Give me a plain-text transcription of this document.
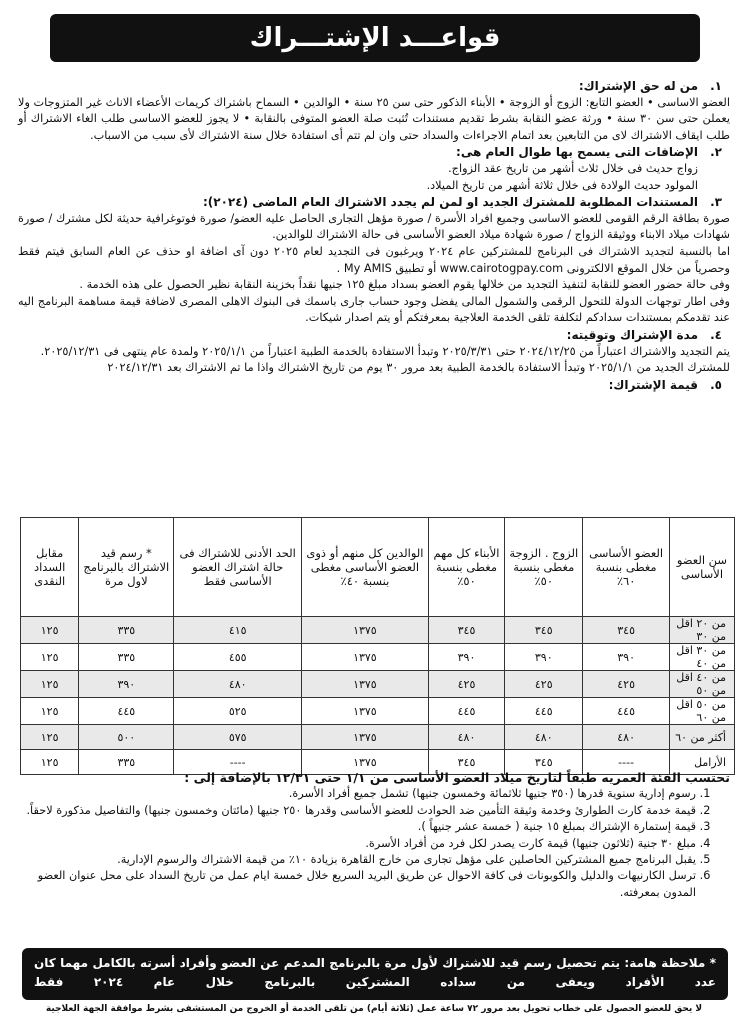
قواعـــد الإشتـــراك
١.من له حق الإشتراك:

العضو الاساسى • العضو التابع: الزوج أو الزوجة • الأبناء الذكور حتى سن ٢٥ سنة • الوالدين • السماح باشتراك كريمات الأعضاء الاناث غير المتزوجات ولا يعملن حتى سن ٣٠ سنة • ورثة عضو النقابة بشرط تقديم مستندات تُثبت صلة العضو المتوفى بالنقابة • لا يجوز للعضو الاساسى طلب الغاء الاشتراك أو طلب ايقاف الاشتراك لاى من التابعين بعد اتمام الاجراءات والسداد حتى وان لم تتم أى استفادة خلال سنة الاشتراك لأى سبب من الاسباب.

٢.الإضافات التى يسمح بها طوال العام هى:

زواج حديث فى خلال ثلاث أشهر من تاريخ عقد الزواج.

المولود حديث الولادة فى خلال ثلاثة أشهر من تاريخ الميلاد.

٣.المستندات المطلوبة للمشترك الجديد او لمن لم يجدد الاشتراك العام الماضى (٢٠٢٤):

صورة بطاقة الرقم القومى للعضو الاساسى وجميع افراد الأسرة / صورة مؤهل التجارى الحاصل عليه العضو/ صورة فوتوغرافية حديثة لكل مشترك / صورة شهادات ميلاد الابناء ووثيقة الزواج / صورة شهادة ميلاد العضو الأساسى فى حالة الاشتراك للوالدين.

اما بالنسبة لتجديد الاشتراك فى البرنامج للمشتركين عام ٢٠٢٤ ويرغبون فى التجديد لعام ٢٠٢٥ دون آى اضافة او حذف عن العام السابق فيتم فقط وحصرياً من خلال الموقع الالكترونى www.cairotogpay.com أو تطبيق My AMIS .

وفى حالة حضور العضو للنقابة لتنفيذ التجديد من خلالها يقوم العضو بسداد مبلغ ١٢٥ جنيها نقداً بخزينة النقابة نظير الحصول على هذه الخدمة .

وفى اطار توجهات الدولة للتحول الرقمى والشمول المالى يفضل وجود حساب جارى باسمك فى البنوك الاهلى المصرى لاضافة قيمة مساهمة البرنامج اليه عند تقدمكم بمستندات سدادكم لتكلفة تلقى الخدمة العلاجية بمعرفتكم أو يتم اصدار شيكات.

٤.مدة الإشتراك وتوقيته:

يتم التجديد والاشتراك اعتباراً من ٢٠٢٤/١٢/٢٥ حتى ٢٠٢٥/٣/٣١ وتبدأ الاستفادة بالخدمة الطبية اعتباراً من ٢٠٢٥/١/١ ولمدة عام ينتهى فى ٢٠٢٥/١٢/٣١.

للمشترك الجديد من ٢٠٢٥/١/١ وتبدأ الاستفادة بالخدمة الطبية بعد مرور ٣٠ يوم من تاريخ الاشتراك واذا ما تم الاشتراك بعد ٢٠٢٤/١٢/٣١

٥.قيمة الإشتراك:
سن العضو الأساسى	العضو الأساسى مغطى بنسبة ٦٠٪	الزوج . الزوجة مغطى بنسبة ٥٠٪	الأبناء كل مهم مغطى بنسبة ٥٠٪	الوالدين كل منهم أو ذوى العضو الأساسى مغطى بنسبة ٤٠٪	الحد الأدنى للاشتراك فى حالة اشتراك العضو الأساسى فقط	* رسم قيد الاشتراك بالبرنامج لاول مرة	مقابل السداد النقدى
من ٢٠ اقل من ٣٠	٣٤٥	٣٤٥	٣٤٥	١٣٧٥	٤١٥	٣٣٥	١٢٥
من ٣٠ اقل من ٤٠	٣٩٠	٣٩٠	٣٩٠	١٣٧٥	٤٥٥	٣٣٥	١٢٥
من ٤٠ اقل من ٥٠	٤٢٥	٤٢٥	٤٢٥	١٣٧٥	٤٨٠	٣٩٠	١٢٥
من ٥٠ اقل من ٦٠	٤٤٥	٤٤٥	٤٤٥	١٣٧٥	٥٢٥	٤٤٥	١٢٥
أكثر من ٦٠	٤٨٠	٤٨٠	٤٨٠	١٣٧٥	٥٧٥	٥٠٠	١٢٥
الأرامل	----	٣٤٥	٣٤٥	١٣٧٥	----	٣٣٥	١٢٥
تحتسب الفئة العمريه طبقاً لتاريخ ميلاد العضو الأساسى من ١/١ حتى ١٢/٣١ بالإضافة إلى :
1. رسوم إدارية سنوية قدرها (٣٥٠ جنيها ثلاثمائة وخمسون جنيها) تشمل جميع أفراد الأسرة.
2. قيمة خدمة كارت الطوارئ وخدمة وثيقة التأمين ضد الحوادث للعضو الأساسى وقدرها ٢٥٠ جنيها (مائتان وخمسون جنيها) والتفاصيل مذكورة لاحقاً.
3. قيمة إستمارة الإشتراك بمبلغ ١٥ جنية ( خمسة عشر جنيهاً ).
4. مبلغ ٣٠ جنية (ثلاثون جنيها) قيمة كارت يصدر لكل فرد من أفراد الأسرة.
5. يقبل البرنامج جميع المشتركين الحاصلين على مؤهل تجارى من خارج القاهرة بزيادة ١٠٪ من قيمة الاشتراك والرسوم الإدارية.
6. ترسل الكارنيهات والدليل والكوبونات فى كافة الاحوال عن طريق البريد السريع خلال خمسة ايام عمل من تاريخ السداد على محل عنوان العضو المدون بمعرفته.
* ملاحظة هامة: يتم تحصيل رسم قيد للاشتراك لأول مرة بالبرنامج المدعم عن العضو وأفراد أسرته بالكامل مهما كان عدد الأفراد ويعفى من سداده المشتركين بالبرنامج خلال عام ٢٠٢٤ فقط
لا يحق للعضو الحصول على خطاب تحويل بعد مرور ٧٢ ساعة عمل (ثلاثة أيام) من تلقى الخدمة أو الخروج من المستشفى بشرط موافقة الجهة العلاجية
